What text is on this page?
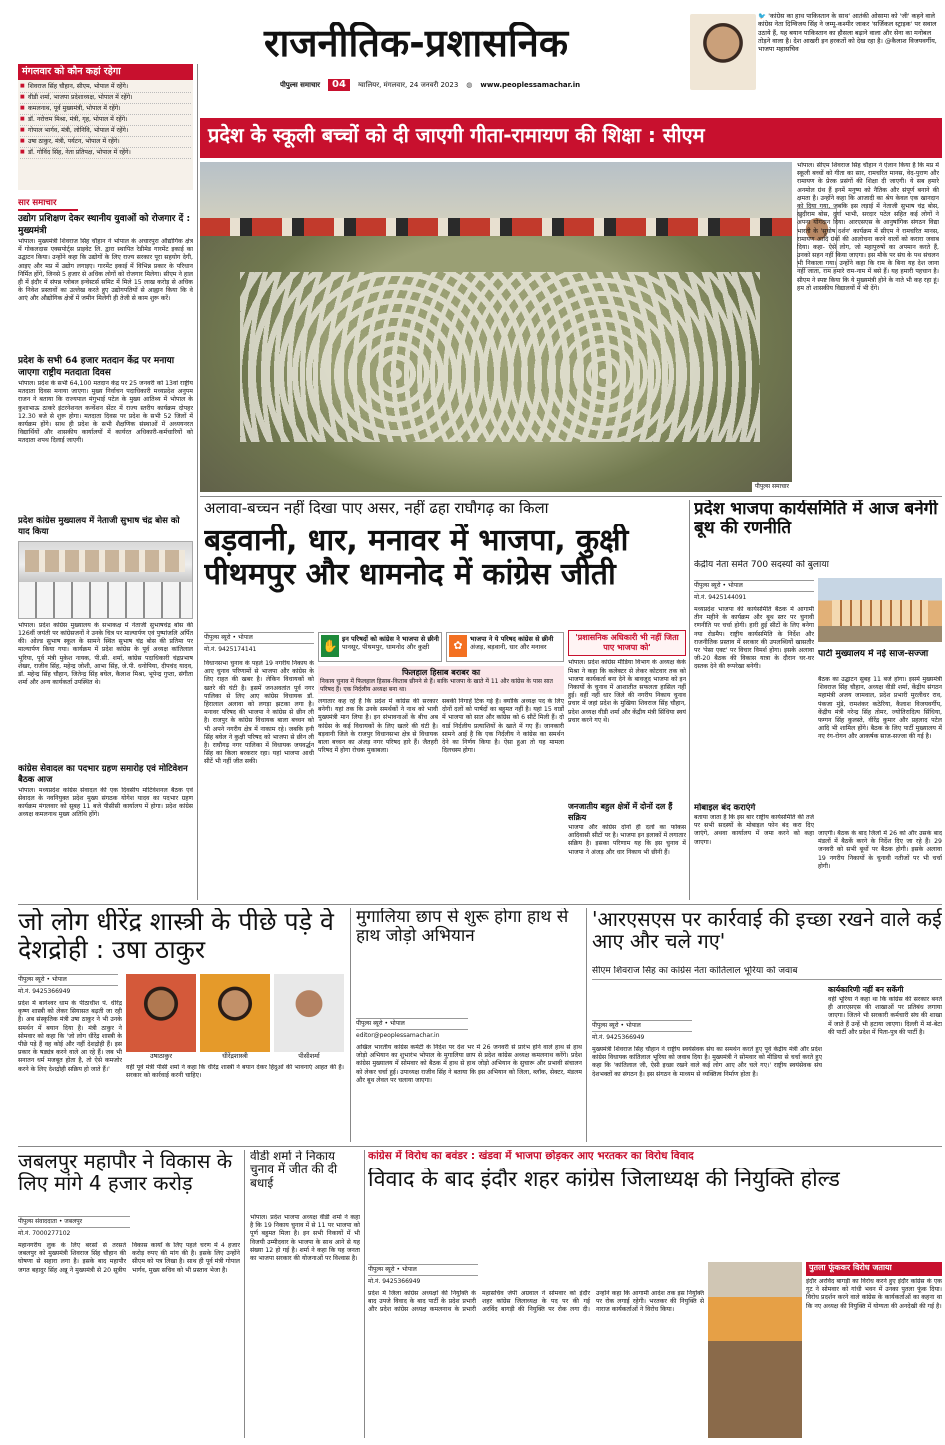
राजनीतिक-प्रशासनिक
पीपुल्स समाचार	04	ग्वालियर, मंगलवार, 24 जनवरी 2023 ◍ www.peoplessamachar.in
🐦 'कांग्रेस का हाथ पाकिस्तान के साथ' आतंकी ओसामा को 'जी' कहने वाले कांग्रेस नेता दिग्विजय सिंह ने जम्मू-कश्मीर जाकर 'सर्जिकल स्ट्राइक' पर सवाल उठाये हैं, यह बयान पाकिस्तान का हौसला बढ़ाने वाला और सेना का मनोबल तोड़ने वाला है। देश आखरी इन हरकतों को देख रहा है। @कैलाश विजयवर्गीय, भाजपा महासचिव
मंगलवार को कौन कहां रहेगा
■ शिवराज सिंह चौहान, सीएम, भोपाल में रहेंगे।
■ वीडी शर्मा, भाजपा प्रदेशाध्यक्ष, भोपाल में रहेंगे।
■ कमलनाथ, पूर्व मुख्यमंत्री, भोपाल में रहेंगे।
■ डॉ. नरोत्तम मिश्रा, मंत्री, गृह, भोपाल में रहेंगे।
■ गोपाल भार्गव, मंत्री, लोनिवि, भोपाल में रहेंगे।
■ उषा ठाकुर, मंत्री, पर्यटन, भोपाल में रहेंगे।
■ डॉ. गोविंद सिंह, नेता प्रतिपक्ष, भोपाल में रहेंगे।
सार समाचार
उद्योग प्रशिक्षण देकर स्थानीय युवाओं को रोजगार दें : मुख्यमंत्री
भोपाल। मुख्यमंत्री शिवराज सिंह चौहान ने भोपाल के अचारपुरा औद्योगिक क्षेत्र में गोकलदास एक्सपोर्ट्स प्राइवेट लि. द्वारा स्थापित रेडीमेड गारमेंट इकाई का उद्घाटन किया। उन्होंने कहा कि उद्योगों के लिए राज्य सरकार पूरा सहयोग देगी, आइए और मप्र में उद्योग लगाइए। गारमेंट इकाई में विभिन्न प्रकार के परिधान निर्मित होंगे, जिनसे 5 हजार से अधिक लोगों को रोजगार मिलेगा। सीएम ने हाल ही में इंदौर में संपन्न ग्लोबल इन्वेस्टर्स समिट में मिले 15 लाख करोड़ से अधिक के निवेश प्रस्तावों का उल्लेख करते हुए उद्योगपतियों से आह्वान किया कि वे आएं और औद्योगिक क्षेत्रों में जमीन मिलेगी ही तेजी से काम शुरू करें।
प्रदेश के सभी 64 हजार मतदान केंद्र पर मनाया जाएगा राष्ट्रीय मतदाता दिवस
भोपाल। प्रदेश के सभी 64,100 मतदान केंद्र पर 25 जनवरी को 13वां राष्ट्रीय मतदाता दिवस मनाया जाएगा। मुख्य निर्वाचन पदाधिकारी मध्यप्रदेश अनुपम राजन ने बताया कि राज्यपाल मंगुभाई पटेल के मुख्य आतिथ्य में भोपाल के कुशाभाऊ ठाकरे इंटरनेशनल कन्वेंशन सेंटर में राज्य स्तरीय कार्यक्रम दोपहर 12.30 बजे से शुरू होगा। मतदाता दिवस पर प्रदेश के सभी 52 जिलों में कार्यक्रम होंगे। साथ ही प्रदेश के सभी शैक्षणिक संस्थाओं में अध्ययनरत विद्यार्थियों और शासकीय कार्यालयों में कार्यरत अधिकारी-कर्मचारियों को मतदाता शपथ दिलाई जाएगी।
प्रदेश कांग्रेस मुख्यालय में नेताजी सुभाष चंद्र बोस को याद किया
भोपाल। प्रदेश कांग्रेस मुख्यालय के सभाकक्ष में नेताजी सुभाषचंद्र बोस की 126वीं जयंती पर कांग्रेसजनों ने उनके चित्र पर माल्यार्पण एवं पुष्पांजलि अर्पित की। ओल्ड सुभाष स्कूल के सामने स्थित सुभाष चंद्र बोस की प्रतिमा पर माल्यार्पण किया गया। कार्यक्रम में प्रदेश कांग्रेस के पूर्व अध्यक्ष कांतिलाल भूरिया, पूर्व मंत्री मुकेश नायक, पी.सी. शर्मा, कांग्रेस पदाधिकारी चंद्रप्रभाष शेखर, राजीव सिंह, महेन्द्र जोशी, आभा सिंह, जे.पी. धनोपिया, दीपचंद यादव, डॉ. महेन्द्र सिंह चौहान, जितेन्द्र सिंह बघेल, कैलाश मिश्रा, भूपेन्द्र गुप्ता, संगीता शर्मा और अन्य कार्यकर्ता उपस्थित थे।
कांग्रेस सेवादल का पदभार ग्रहण समारोह एवं मोटिवेशन बैठक आज
भोपाल। मध्यप्रदेश कांग्रेस सेवादल की एक दिवसीय मोटिवेशनल बैठक एवं सेवादल के नवनियुक्त प्रदेश मुख्य संगठक योगेश यादव का पदभार ग्रहण कार्यक्रम मंगलवार को सुबह 11 बजे पीसीसी कार्यालय में होगा। प्रदेश कांग्रेस अध्यक्ष कमलनाथ मुख्य अतिथि होंगे।
प्रदेश के स्कूली बच्चों को दी जाएगी गीता-रामायण की शिक्षा : सीएम
पीपुल्स समाचार
भोपाल। सीएम शिवराज सिंह चौहान ने ऐलान किया है कि मप्र में स्कूली बच्चों को गीता का सार, रामचरित मानस, वेद-पुराण और रामायण के प्रेरक प्रसंगों की शिक्षा दी जाएगी। ये सब हमारे अनमोल ग्रंथ हैं इनमें मनुष्य को नैतिक और संपूर्ण बनाने की क्षमता है। उन्होंने कहा कि आजादी का श्रेय केवल एक खानदान को दिया गया, जबकि इस लड़ाई में नेताजी सुभाष चंद्र बोस, खुदीराम बोस, दुर्गा भाभी, सरदार पटेल सहित कई लोगों ने अपना योगदान दिया। आरएसएस के आनुषांगिक संगठन विद्या भारती के 'सुघोष दर्शन' कार्यक्रम में सीएम ने रामचरित मानस, रामायण आदि ग्रंथों की आलोचना करने वालों को करारा जवाब दिया। कहा- ऐसे लोग, जो महापुरुषों का अपमान करते हैं, उनको सहन नहीं किया जाएगा। इस मौके पर संघ के पथ संचलन भी निकाला गया। उन्होंने कहा कि राम के बिना यह देश जाना नहीं जाता, राम हमारे राम-नाम में बसे हैं। यह हमारी पहचान है। सीएम ने स्पष्ट किया कि ये मुख्यमंत्री होने के नाते भी कह रहा हूं। हम तो शासकीय विद्यालयों में भी देंगे।
अलावा-बच्चन नहीं दिखा पाए असर, नहीं ढहा राघौगढ़ का किला
बड़वानी, धार, मनावर में भाजपा, कुक्षी पीथमपुर और धामनोद में कांग्रेस जीती
पीपुल्स ब्यूरो • भोपाल
मो.नं. 9425174141	✋ इन परिषदों को कांग्रेस ने भाजपा से छीनी
पानसूर, पीथमपुर, धामनोद और कुक्षी	✿	भाजपा ने ये परिषद कांग्रेस से छीनी
अंजड़, बड़वानी, धार और मनावर
फिलहाल हिसाब बराबर का
निकाय चुनाव में फिलहाल हिसाब-किताब छीनने से हैं। बाकि भाजपा के खाते में 11 और कांग्रेस के पास सात परिषद हैं। एक निर्दलीय अध्यक्ष बना था।
विधानसभा चुनाव के पहले 19 नगरीय निकाय के आए चुनाव परिणामों से भाजपा और कांग्रेस के लिए राहत की खबर है। लेकिन विधायकों को खतरे की घंटी है। इसमें जनअवतांत पूर्व नगर पालिका से लिए आए कांग्रेस विधायक डॉ. हिरालाल अलावा को लगड़ा झटका लगा है। मनावर परिषद की भाजपा ने कांग्रेस से छीन ली है। राजपुर के कांग्रेस विधायक बाला बच्चन को भी अपने नगरीय क्षेत्र में नाकाम रहे। जबकि हनी सिंह बघेल ने कुक्षी परिषद को भाजपा से छीन ली है। राघौगढ़ नगर पालिका में विधायक जयवर्द्धन सिंह का किला बरकरार रहा। यहां भाजपा आधी सीटें भी नहीं जीत सकी।
लगातार कह रहे हैं कि प्रदेश में कांग्रेस की सरकार बनेगी। यहां तक कि उनके समर्थकों ने नाथ को भावी मुख्यमंत्री मान लिया है। इन संभावनाओं के बीच अब कांग्रेस के कई विधायकों के लिए खतरे की घंटी है। बड़वानी जिले के राजपुर विधानसभा क्षेत्र से विधायक बाला बच्चन का अंजड़ नगर परिषद हारे हैं। जैतहरी परिषद में होगा रोचक मुकाबला।
सबकी निगाहें टिक गई हैं। क्योंकि अध्यक्ष पद के लिए दोनों दलों को पार्षदों का बहुमत नहीं है। यहां 15 वार्डों में भाजपा को सात और कांग्रेस को 6 सीटें मिली हैं। दो वार्ड निर्दलीय प्रत्याशियों के खाते में गए हैं। जानकारी सामने आई है कि एक निर्दलीय ने कांग्रेस का समर्थन देने का निर्णय किया है। ऐसा हुआ तो यह मामला दिलचस्प होगा।
'प्रशासनिक अधिकारी भी नहीं जिता पाए भाजपा को'
भोपाल। प्रदेश कांग्रेस मीडिया विभाग के अध्यक्ष केके मिश्रा ने कहा कि कलेक्टर से लेकर कोटवार तक को भाजपा कार्यकर्ता बना देने के बावजूद भाजपा को इन निकायों के चुनाव में आशातीत सफलता हासिल नहीं हुई। वहीं नहीं धार जिले की नगरीय निकाय चुनाव प्रचार में जहां प्रदेश के मुखिया शिवराज सिंह चौहान, प्रदेश अध्यक्ष वीडी शर्मा और केंद्रीय मंत्री सिंधिया स्वयं प्रचार करने गए थे।
जनजातीय बहुल क्षेत्रों में दोनों दल हैं सक्रिय
भाजपा और कांग्रेस दोनों ही दलों का फोकस आदिवासी सीटों पर है। भाजपा इन इलाकों में लगातार सक्रिय है। इसका परिणाम यह कि इस चुनाव में भाजपा ने अंजड़ और धार निकाय भी छीनी हैं।
प्रदेश भाजपा कार्यसमिति में आज बनेगी बूथ की रणनीति
केंद्रीय नेता समेत 700 सदस्यों को बुलाया
पीपुल्स ब्यूरो • भोपाल
मो.नं. 9425144091
मध्यप्रदेश भाजपा की कार्यसमिति बैठक में आगामी तीन महीने के कार्यक्रम और बूथ स्तर पर चुनावी रणनीति पर चर्चा होगी। हारी हुई सीटों के लिए बनेगा नया रोडमैप। राष्ट्रीय कार्यसमिति के निर्देश और राजनीतिक प्रस्ताव में सरकार की उपलब्धियों खासतौर पर 'पेसा एक्ट' पर विचार विमर्श होगा। इसके अलावा जी-20 बैठक की विकास यात्रा के दौरान घर-घर दस्तक देने की रूपरेखा बनेगी।
मोबाइल बंद कराएंगे
बताया जाता है कि इस बार राष्ट्रीय कार्यसमिति की तर्ज पर सभी सदस्यों के मोबाइल फोन बंद करा दिए जाएंगे, अथवा कार्यालय में जमा करने को कहा जाएगा।
पार्टी मुख्यालय में नई साज-सज्जा
बैठक का उद्घाटन सुबह 11 बजे होगा। इसमें मुख्यमंत्री शिवराज सिंह चौहान, अध्यक्ष वीडी शर्मा, केंद्रीय संगठन महामंत्री अजय जामवाल, प्रदेश प्रभारी मुरलीधर राव, पंकजा मुंडे, रामशंकर कठेरिया, कैलाश विजयवर्गीय, केंद्रीय मंत्री नरेन्द्र सिंह तोमर, ज्योतिरादित्य सिंधिया, फग्गन सिंह कुलस्ते, वीरेंद्र कुमार और प्रहलाद पटेल आदि भी शामिल होंगे। बैठक के लिए पार्टी मुख्यालय में नए रंग-रोगन और आकर्षक साज-सज्जा की गई है।
जाएगी। बैठक के बाद जिलों में 26 को और उसके बाद मंडलों में बैठकें करने के निर्देश दिए जा रहे हैं। 29 जनवरी को सभी बूथों पर बैठक होगी। इसके अलावा 19 नगरीय निकायों के चुनावी नतीजों पर भी चर्चा होगी।
जो लोग धीरेंद्र शास्त्री के पीछे पड़े वे देशद्रोही : उषा ठाकुर
पीपुल्स ब्यूरो • भोपाल
मो.नं. 9425366949
उषाठाकुर	धीरेंद्रशास्त्री	पीसीशर्मा
प्रदेश में बागेश्वर धाम के पीठाधीश पं. धीरेंद्र कृष्ण शास्त्री को लेकर सियासत बढ़ती जा रही है। अब संस्कृतिक मंत्री उषा ठाकुर ने भी उनके समर्थन में बयान दिया है। मंत्री ठाकुर ने सोमवार को कहा कि 'जो लोग धीरेंद्र शास्त्री के पीछे पड़े हैं वह कोई और नहीं देशद्रोही हैं। इस प्रकार के षड्यंत्र करने वाले आ रहे हैं। जब भी सनातन धर्म मजबूत होता है, तो ऐसे कमजोर करने के लिए देशद्रोही सक्रिय हो जाते हैं।'	वहीं पूर्व मंत्री पीसी शर्मा ने कहा कि धीरेंद्र शास्त्री ने बयान देकर हिंदुओं की भावनाएं आहत की हैं। सरकार को कार्रवाई करनी चाहिए।
मुगालिया छाप से शुरू होगा हाथ से हाथ जोड़ो अभियान
पीपुल्स ब्यूरो • भोपाल
editor@peoplessamachar.in
अखिल भारतीय कांग्रेस कमेटी के निर्देश पर देश भर में 26 जनवरी से प्रारंभ होने वाले हाथ से हाथ जोड़ो अभियान का शुभारंभ भोपाल के मुगालिया छाप से प्रदेश कांग्रेस अध्यक्ष कमलनाथ करेंगे। प्रदेश कांग्रेस मुख्यालय में सोमवार को बैठक में हाथ से हाथ जोड़ो अभियान के सुचारू और प्रभावी संचालन को लेकर चर्चा हुई। उपाध्यक्ष राजीव सिंह ने बताया कि इस अभियान को जिला, ब्लॉक, सेक्टर, मंडलम और बूथ लेवल पर चलाया जाएगा।
'आरएसएस पर कार्रवाई की इच्छा रखने वाले कई आए और चले गए'
सीएम शिवराज सिंह का कांग्रेस नेता कांतिलाल भूरिया को जवाब
पीपुल्स ब्यूरो • भोपाल
मो.नं. 9425366949
मुख्यमंत्री शिवराज सिंह चौहान ने राष्ट्रीय स्वयंसेवक संघ का समर्थन करते हुए पूर्व केंद्रीय मंत्री और प्रदेश कांग्रेस विधायक कांतिलाल भूरिया को जवाब दिया है। मुख्यमंत्री ने सोमवार को मीडिया से चर्चा करते हुए कहा कि 'कांतिलाल जी, ऐसी इच्छा रखने वाले कई लोग आए और चले गए।' राष्ट्रीय स्वयंसेवक संघ देशभक्तों का संगठन है। इस संगठन के माध्यम से व्यक्तित्व निर्माण होता है।
कार्यकारिणी नहीं बन सकेंगी
वहीं भूरिया ने कहा था कि कांग्रेस की सरकार बनते ही आरएसएस की शाखाओं पर प्रतिबंध लगाया जाएगा। जितने भी सरकारी कर्मचारी संघ की शाखा में जाते हैं उन्हें भी हटाया जाएगा। दिल्ली में मां-बेटा की पार्टी और प्रदेश में पिता-पुत्र की पार्टी है।
जबलपुर महापौर ने विकास के लिए मांगे 4 हजार करोड़
पीपुल्स संवाददाता • जबलपुर
मो.नं. 7000277102
महानगरीय लुक के लिए बरसों से तरसते जबलपुर को मुख्यमंत्री शिवराज सिंह चौहान की घोषणा से सहारा लगा है। इसके बाद महापौर जगत बहादुर सिंह अन्नू ने मुख्यमंत्री से 20 सूत्रीय विकास कार्यों के लिए पहले चरण में 4 हजार करोड़ रुपए की मांग की है। इसके लिए उन्होंने सीएम को पत्र लिखा है। साथ ही पूर्व मंत्री गोपाल भार्गव, मुख्य सचिव को भी प्रस्ताव भेजा है।
वीडी शर्मा ने निकाय चुनाव में जीत की दी बधाई
भोपाल। प्रदेश भाजपा अध्यक्ष वीडी शर्मा ने कहा है कि 19 निकाय चुनाव में से 11 पर भाजपा को पूर्ण बहुमत मिला है। इन सभी निकायों में भी विजयी उम्मीदवार के भाजपा के साथ आने से यह संख्या 12 हो गई है। शर्मा ने कहा कि यह जनता का भाजपा सरकार की योजनाओं पर विश्वास है।
कांग्रेस में विरोध का बवंडर : खंडवा में भाजपा छोड़कर आए भरतकर का विरोध विवाद
विवाद के बाद इंदौर शहर कांग्रेस जिलाध्यक्ष की नियुक्ति होल्ड
पीपुल्स ब्यूरो • भोपाल
मो.नं. 9425366949
प्रदेश में जिला कांग्रेस अध्यक्षों की नियुक्ति के बाद उपजे विवाद के बाद पार्टी के प्रदेश प्रभारी और प्रदेश कांग्रेस अध्यक्ष कमलनाथ के प्रभारी महासचिव जेपी अग्रवाल ने सोमवार को इंदौर शहर कांग्रेस जिलाध्यक्ष के पद पर की गई अरविंद बागड़ी की नियुक्ति पर रोक लगा दी। उन्होंने कहा कि आगामी आदेश तक इस नियुक्ति पर रोक लगाई रहेगी। भरतकर की नियुक्ति से नाराज कार्यकर्ताओं ने विरोध किया।
पुतला फूंककर विरोध जताया
इंदौर अरविंद बागड़ी का विरोध करने हुए इंदौर कांग्रेस के एक गुट ने सोमवार को गांधी भवन में उनका पुतला फूंक दिया। विरोध प्रदर्शन करने वाले कांग्रेस के कार्यकर्ताओं का कहना था कि नए अध्यक्ष की नियुक्ति में योग्यता की अनदेखी की गई है।
